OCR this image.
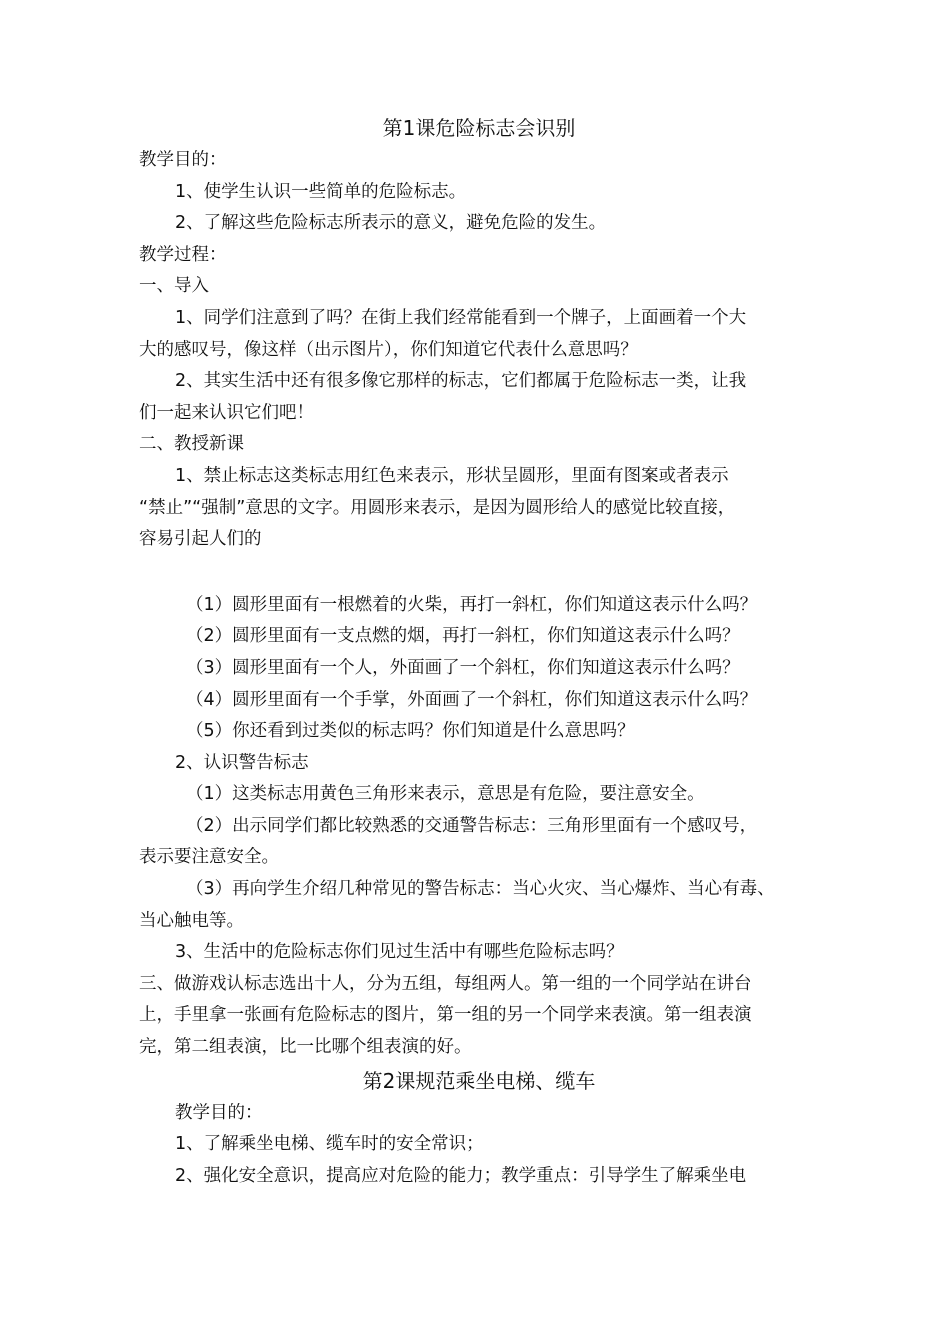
第1课危险标志会识别
教学目的：
1、使学生认识一些简单的危险标志。
2、了解这些危险标志所表示的意义，避免危险的发生。
教学过程：
一、导入
1、同学们注意到了吗？在街上我们经常能看到一个牌子，上面画着一个大
大的感叹号，像这样（出示图片），你们知道它代表什么意思吗？
2、其实生活中还有很多像它那样的标志，它们都属于危险标志一类，让我
们一起来认识它们吧！
二、教授新课
1、禁止标志这类标志用红色来表示，形状呈圆形，里面有图案或者表示
“禁止”“强制”意思的文字。用圆形来表示，是因为圆形给人的感觉比较直接，
容易引起人们的
（1）圆形里面有一根燃着的火柴，再打一斜杠，你们知道这表示什么吗？
（2）圆形里面有一支点燃的烟，再打一斜杠，你们知道这表示什么吗？
（3）圆形里面有一个人，外面画了一个斜杠，你们知道这表示什么吗？
（4）圆形里面有一个手掌，外面画了一个斜杠，你们知道这表示什么吗？
（5）你还看到过类似的标志吗？你们知道是什么意思吗？
2、认识警告标志
（1）这类标志用黄色三角形来表示，意思是有危险，要注意安全。
（2）出示同学们都比较熟悉的交通警告标志：三角形里面有一个感叹号，
表示要注意安全。
（3）再向学生介绍几种常见的警告标志：当心火灾、当心爆炸、当心有毒、
当心触电等。
3、生活中的危险标志你们见过生活中有哪些危险标志吗？
三、做游戏认标志选出十人，分为五组，每组两人。第一组的一个同学站在讲台
上，手里拿一张画有危险标志的图片，第一组的另一个同学来表演。第一组表演
完，第二组表演，比一比哪个组表演的好。
第2课规范乘坐电梯、缆车
教学目的：
1、了解乘坐电梯、缆车时的安全常识；
2、强化安全意识，提高应对危险的能力；教学重点：引导学生了解乘坐电
